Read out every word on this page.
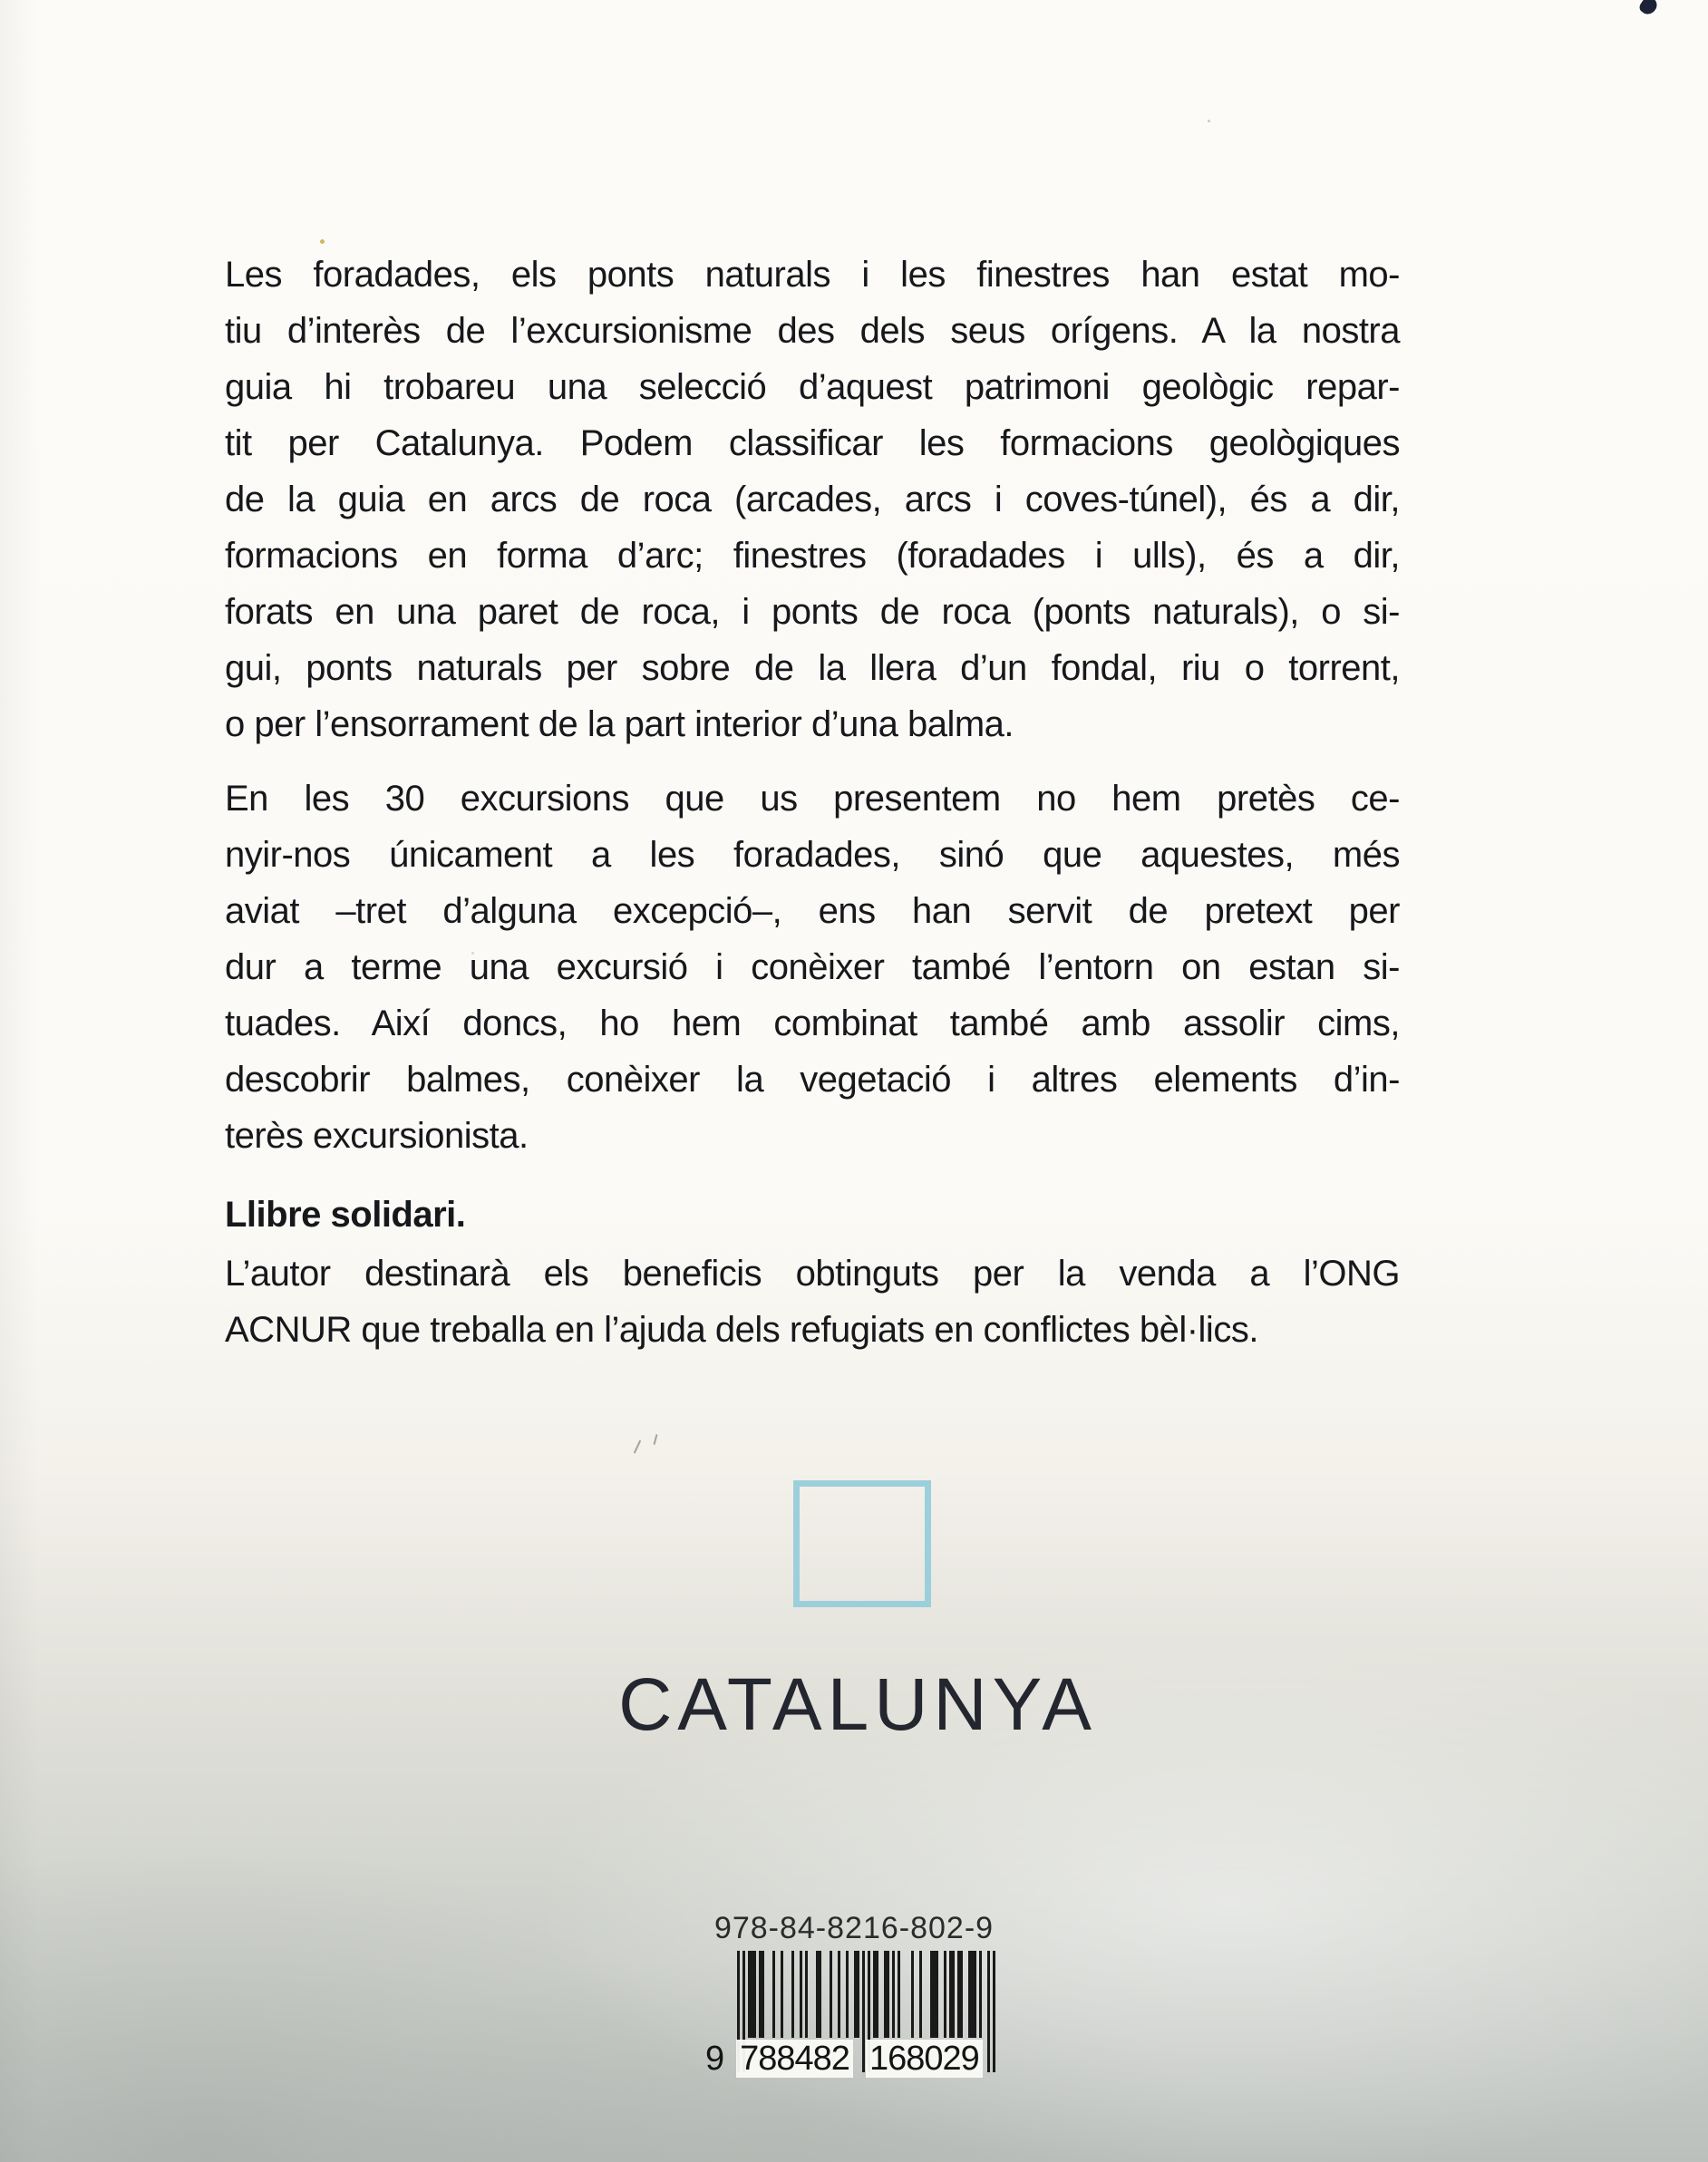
Les foradades, els ponts naturals i les finestres han estat mo-
tiu d’interès de l’excursionisme des dels seus orígens. A la nostra
guia hi trobareu una selecció d’aquest patrimoni geològic repar-
tit per Catalunya. Podem classificar les formacions geològiques
de la guia en arcs de roca (arcades, arcs i coves-túnel), és a dir,
formacions en forma d’arc; finestres (foradades i ulls), és a dir,
forats en una paret de roca, i ponts de roca (ponts naturals), o si-
gui, ponts naturals per sobre de la llera d’un fondal, riu o torrent,
o per l’ensorrament de la part interior d’una balma.
En les 30 excursions que us presentem no hem pretès ce-
nyir-nos únicament a les foradades, sinó que aquestes, més
aviat –tret d’alguna excepció–, ens han servit de pretext per
dur a terme una excursió i conèixer també l’entorn on estan si-
tuades. Així doncs, ho hem combinat també amb assolir cims,
descobrir balmes, conèixer la vegetació i altres elements d’in-
terès excursionista.
Llibre solidari.
L’autor destinarà els beneficis obtinguts per la venda a l’ONG
ACNUR que treballa en l’ajuda dels refugiats en conflictes bèl·lics.
CATALUNYA
978-84-8216-802-9
9 788482 168029
